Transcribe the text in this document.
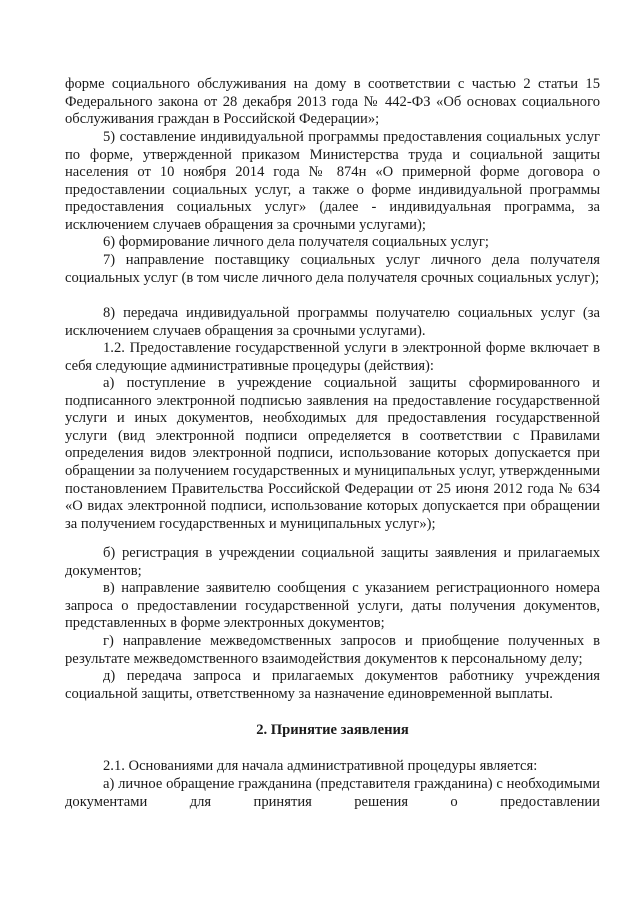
форме социального обслуживания на дому в соответствии с частью 2 статьи 15 Федерального закона от 28 декабря 2013 года № 442-ФЗ «Об основах социального обслуживания граждан в Российской Федерации»;

5) составление индивидуальной программы предоставления социальных услуг по форме, утвержденной приказом Министерства труда и социальной защиты населения от 10 ноября 2014 года № 874н «О примерной форме договора о предоставлении социальных услуг, а также о форме индивидуальной программы предоставления социальных услуг» (далее - индивидуальная программа, за исключением случаев обращения за срочными услугами);

6) формирование личного дела получателя социальных услуг;

7) направление поставщику социальных услуг личного дела получателя социальных услуг (в том числе личного дела получателя срочных социальных услуг);

8) передача индивидуальной программы получателю социальных услуг (за исключением случаев обращения за срочными услугами).

1.2. Предоставление государственной услуги в электронной форме включает в себя следующие административные процедуры (действия):

а) поступление в учреждение социальной защиты сформированного и подписанного электронной подписью заявления на предоставление государственной услуги и иных документов, необходимых для предоставления государственной услуги (вид электронной подписи определяется в соответствии с Правилами определения видов электронной подписи, использование которых допускается при обращении за получением государственных и муниципальных услуг, утвержденными постановлением Правительства Российской Федерации от 25 июня 2012 года № 634 «О видах электронной подписи, использование которых допускается при обращении за получением государственных и муниципальных услуг»);

б) регистрация в учреждении социальной защиты заявления и прилагаемых документов;

в) направление заявителю сообщения с указанием регистрационного номера запроса о предоставлении государственной услуги, даты получения документов, представленных в форме электронных документов;

г) направление межведомственных запросов и приобщение полученных в результате межведомственного взаимодействия документов к персональному делу;

д) передача запроса и прилагаемых документов работнику учреждения социальной защиты, ответственному за назначение единовременной выплаты.

2. Принятие заявления

2.1. Основаниями для начала административной процедуры является:

а) личное обращение гражданина (представителя гражданина) с необходимыми документами для принятия решения о предоставлении
